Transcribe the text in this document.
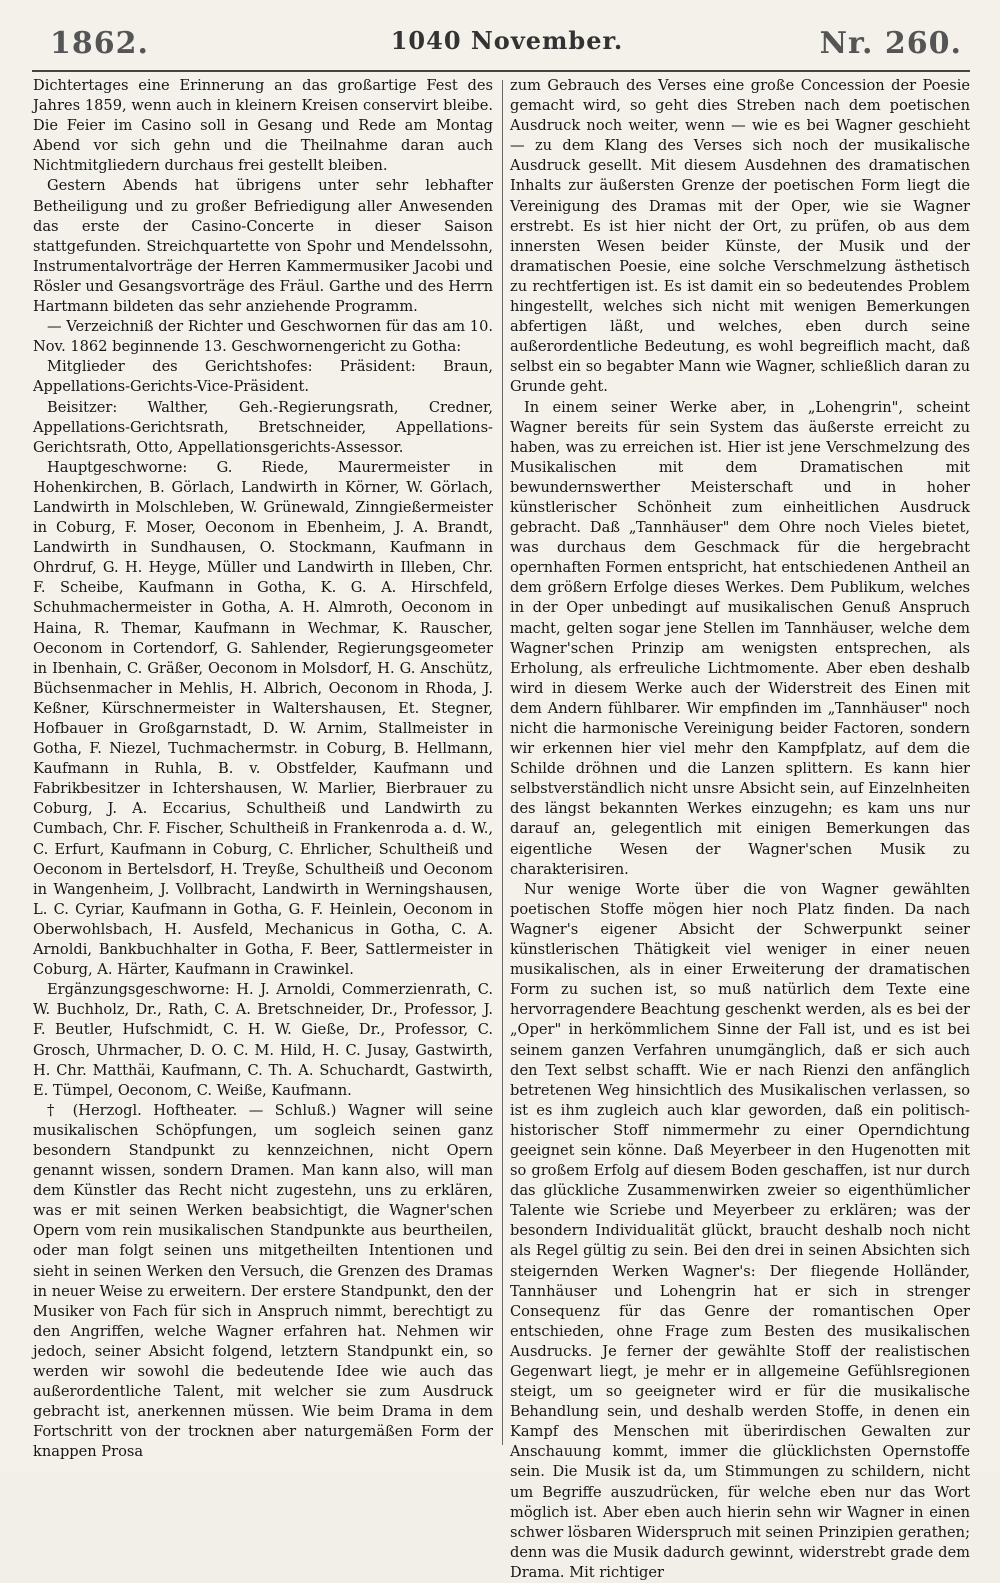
1862.	1040 November.	Nr. 260.

Dichtertages eine Erinnerung an das großartige Fest des Jahres 1859, wenn auch in kleinern Kreisen conservirt bleibe. Die Feier im Casino soll in Gesang und Rede am Montag Abend vor sich gehn und die Theilnahme daran auch Nichtmitgliedern durchaus frei gestellt bleiben.

Gestern Abends hat übrigens unter sehr lebhafter Betheiligung und zu großer Befriedigung aller Anwesenden das erste der Casino-Concerte in dieser Saison stattgefunden. Streichquartette von Spohr und Mendelssohn, Instrumentalvorträge der Herren Kammermusiker Jacobi und Rösler und Gesangsvorträge des Fräul. Garthe und des Herrn Hartmann bildeten das sehr anziehende Programm.

— Verzeichniß der Richter und Geschwornen für das am 10. Nov. 1862 beginnende 13. Geschwornengericht zu Gotha:

Mitglieder des Gerichtshofes: Präsident: Braun, Appellations-Gerichts-Vice-Präsident.

Beisitzer: Walther, Geh.-Regierungsrath, Credner, Appellations-Gerichtsrath, Bretschneider, Appellations-Gerichtsrath, Otto, Appellationsgerichts-Assessor.

Hauptgeschworne: G. Riede, Maurermeister in Hohenkirchen, B. Görlach, Landwirth in Körner, W. Görlach, Landwirth in Molschleben, W. Grünewald, Zinngießermeister in Coburg, F. Moser, Oeconom in Ebenheim, J. A. Brandt, Landwirth in Sundhausen, O. Stockmann, Kaufmann in Ohrdruf, G. H. Heyge, Müller und Landwirth in Illeben, Chr. F. Scheibe, Kaufmann in Gotha, K. G. A. Hirschfeld, Schuhmachermeister in Gotha, A. H. Almroth, Oeconom in Haina, R. Themar, Kaufmann in Wechmar, K. Rauscher, Oeconom in Cortendorf, G. Sahlender, Regierungsgeometer in Ibenhain, C. Gräßer, Oeconom in Molsdorf, H. G. Anschütz, Büchsenmacher in Mehlis, H. Albrich, Oeconom in Rhoda, J. Keßner, Kürschnermeister in Waltershausen, Et. Stegner, Hofbauer in Großgarnstadt, D. W. Arnim, Stallmeister in Gotha, F. Niezel, Tuchmachermstr. in Coburg, B. Hellmann, Kaufmann in Ruhla, B. v. Obstfelder, Kaufmann und Fabrikbesitzer in Ichtershausen, W. Marlier, Bierbrauer zu Coburg, J. A. Eccarius, Schultheiß und Landwirth zu Cumbach, Chr. F. Fischer, Schultheiß in Frankenroda a. d. W., C. Erfurt, Kaufmann in Coburg, C. Ehrlicher, Schultheiß und Oeconom in Bertelsdorf, H. Treyße, Schultheiß und Oeconom in Wangenheim, J. Vollbracht, Landwirth in Werningshausen, L. C. Cyriar, Kaufmann in Gotha, G. F. Heinlein, Oeconom in Oberwohlsbach, H. Ausfeld, Mechanicus in Gotha, C. A. Arnoldi, Bankbuchhalter in Gotha, F. Beer, Sattlermeister in Coburg, A. Härter, Kaufmann in Crawinkel.

Ergänzungsgeschworne: H. J. Arnoldi, Commerzienrath, C. W. Buchholz, Dr., Rath, C. A. Bretschneider, Dr., Professor, J. F. Beutler, Hufschmidt, C. H. W. Gieße, Dr., Professor, C. Grosch, Uhrmacher, D. O. C. M. Hild, H. C. Jusay, Gastwirth, H. Chr. Matthäi, Kaufmann, C. Th. A. Schuchardt, Gastwirth, E. Tümpel, Oeconom, C. Weiße, Kaufmann.

† (Herzogl. Hoftheater. — Schluß.) Wagner will seine musikalischen Schöpfungen, um sogleich seinen ganz besondern Standpunkt zu kennzeichnen, nicht Opern genannt wissen, sondern Dramen. Man kann also, will man dem Künstler das Recht nicht zugestehn, uns zu erklären, was er mit seinen Werken beabsichtigt, die Wagner'schen Opern vom rein musikalischen Standpunkte aus beurtheilen, oder man folgt seinen uns mitgetheilten Intentionen und sieht in seinen Werken den Versuch, die Grenzen des Dramas in neuer Weise zu erweitern. Der erstere Standpunkt, den der Musiker von Fach für sich in Anspruch nimmt, berechtigt zu den Angriffen, welche Wagner erfahren hat. Nehmen wir jedoch, seiner Absicht folgend, letztern Standpunkt ein, so werden wir sowohl die bedeutende Idee wie auch das außerordentliche Talent, mit welcher sie zum Ausdruck gebracht ist, anerkennen müssen. Wie beim Drama in dem Fortschritt von der trocknen aber naturgemäßen Form der knappen Prosa

zum Gebrauch des Verses eine große Concession der Poesie gemacht wird, so geht dies Streben nach dem poetischen Ausdruck noch weiter, wenn — wie es bei Wagner geschieht — zu dem Klang des Verses sich noch der musikalische Ausdruck gesellt. Mit diesem Ausdehnen des dramatischen Inhalts zur äußersten Grenze der poetischen Form liegt die Vereinigung des Dramas mit der Oper, wie sie Wagner erstrebt. Es ist hier nicht der Ort, zu prüfen, ob aus dem innersten Wesen beider Künste, der Musik und der dramatischen Poesie, eine solche Verschmelzung ästhetisch zu rechtfertigen ist. Es ist damit ein so bedeutendes Problem hingestellt, welches sich nicht mit wenigen Bemerkungen abfertigen läßt, und welches, eben durch seine außerordentliche Bedeutung, es wohl begreiflich macht, daß selbst ein so begabter Mann wie Wagner, schließlich daran zu Grunde geht.

In einem seiner Werke aber, in „Lohengrin", scheint Wagner bereits für sein System das äußerste erreicht zu haben, was zu erreichen ist. Hier ist jene Verschmelzung des Musikalischen mit dem Dramatischen mit bewundernswerther Meisterschaft und in hoher künstlerischer Schönheit zum einheitlichen Ausdruck gebracht. Daß „Tannhäuser" dem Ohre noch Vieles bietet, was durchaus dem Geschmack für die hergebracht opernhaften Formen entspricht, hat entschiedenen Antheil an dem größern Erfolge dieses Werkes. Dem Publikum, welches in der Oper unbedingt auf musikalischen Genuß Anspruch macht, gelten sogar jene Stellen im Tannhäuser, welche dem Wagner'schen Prinzip am wenigsten entsprechen, als Erholung, als erfreuliche Lichtmomente. Aber eben deshalb wird in diesem Werke auch der Widerstreit des Einen mit dem Andern fühlbarer. Wir empfinden im „Tannhäuser" noch nicht die harmonische Vereinigung beider Factoren, sondern wir erkennen hier viel mehr den Kampfplatz, auf dem die Schilde dröhnen und die Lanzen splittern. Es kann hier selbstverständlich nicht unsre Absicht sein, auf Einzelnheiten des längst bekannten Werkes einzugehn; es kam uns nur darauf an, gelegentlich mit einigen Bemerkungen das eigentliche Wesen der Wagner'schen Musik zu charakterisiren.

Nur wenige Worte über die von Wagner gewählten poetischen Stoffe mögen hier noch Platz finden. Da nach Wagner's eigener Absicht der Schwerpunkt seiner künstlerischen Thätigkeit viel weniger in einer neuen musikalischen, als in einer Erweiterung der dramatischen Form zu suchen ist, so muß natürlich dem Texte eine hervorragendere Beachtung geschenkt werden, als es bei der „Oper" in herkömmlichem Sinne der Fall ist, und es ist bei seinem ganzen Verfahren unumgänglich, daß er sich auch den Text selbst schafft. Wie er nach Rienzi den anfänglich betretenen Weg hinsichtlich des Musikalischen verlassen, so ist es ihm zugleich auch klar geworden, daß ein politisch-historischer Stoff nimmermehr zu einer Operndichtung geeignet sein könne. Daß Meyerbeer in den Hugenotten mit so großem Erfolg auf diesem Boden geschaffen, ist nur durch das glückliche Zusammenwirken zweier so eigenthümlicher Talente wie Scriebe und Meyerbeer zu erklären; was der besondern Individualität glückt, braucht deshalb noch nicht als Regel gültig zu sein. Bei den drei in seinen Absichten sich steigernden Werken Wagner's: Der fliegende Holländer, Tannhäuser und Lohengrin hat er sich in strenger Consequenz für das Genre der romantischen Oper entschieden, ohne Frage zum Besten des musikalischen Ausdrucks. Je ferner der gewählte Stoff der realistischen Gegenwart liegt, je mehr er in allgemeine Gefühlsregionen steigt, um so geeigneter wird er für die musikalische Behandlung sein, und deshalb werden Stoffe, in denen ein Kampf des Menschen mit überirdischen Gewalten zur Anschauung kommt, immer die glücklichsten Opernstoffe sein. Die Musik ist da, um Stimmungen zu schildern, nicht um Begriffe auszudrücken, für welche eben nur das Wort möglich ist. Aber eben auch hierin sehn wir Wagner in einen schwer lösbaren Widerspruch mit seinen Prinzipien gerathen; denn was die Musik dadurch gewinnt, widerstrebt grade dem Drama. Mit richtiger
